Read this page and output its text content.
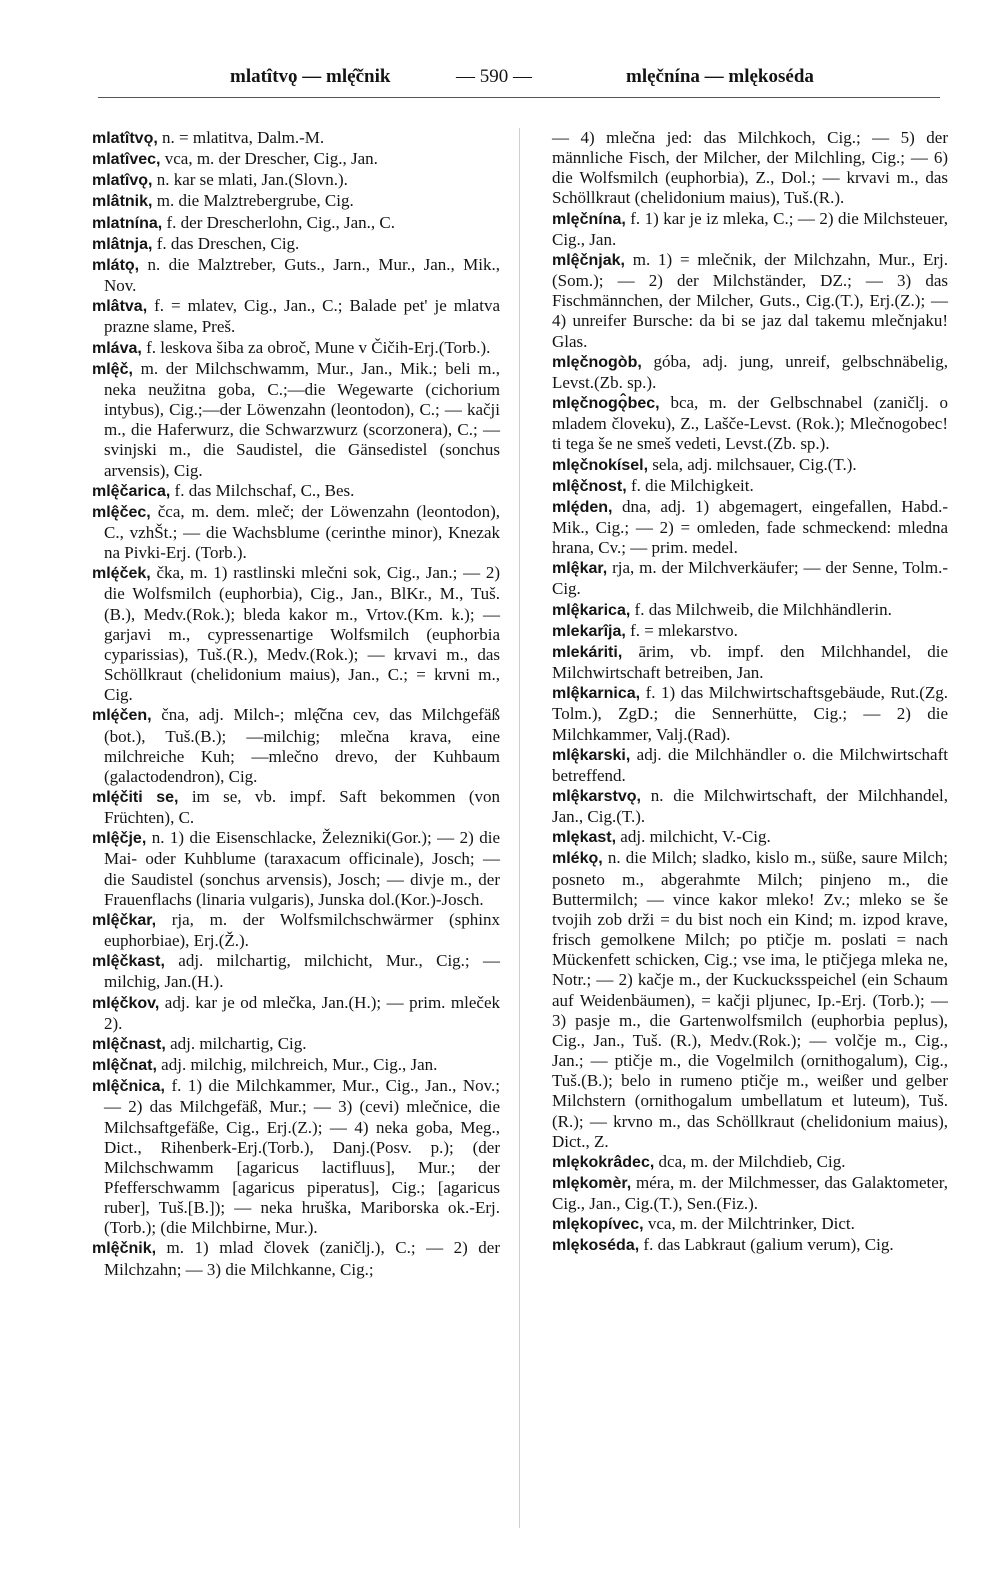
mlatîtvǫ — mlę̂čnik	— 590 —	mlęčnína — mlękoséda

mlatîtvǫ, n. = mlatitva, Dalm.-M.

mlatîvec, vca, m. der Drescher, Cig., Jan.

mlatîvǫ, n. kar se mlati, Jan.(Slovn.).

mlâtnik, m. die Malztrebergrube, Cig.

mlatnína, f. der Drescherlohn, Cig., Jan., C.

mlâtnja, f. das Dreschen, Cig.

mlátǫ, n. die Malztreber, Guts., Jarn., Mur., Jan., Mik., Nov.

mlâtva, f. = mlatev, Cig., Jan., C.; Balade pet' je mlatva prazne slame, Preš.

mláva, f. leskova šiba za obroč, Mune v Čičih-Erj.(Torb.).

mlę̂č, m. der Milchschwamm, Mur., Jan., Mik.; beli m., neka neužitna goba, C.;—die Wegewarte (cichorium intybus), Cig.;—der Löwenzahn (leontodon), C.; — kačji m., die Haferwurz, die Schwarzwurz (scorzonera), C.; — svinjski m., die Saudistel, die Gänsedistel (sonchus arvensis), Cig.

mlę̂čarica, f. das Milchschaf, C., Bes.

mlę̂čec, čca, m. dem. mleč; der Löwenzahn (leontodon), C., vzhŠt.; — die Wachsblume (cerinthe minor), Knezak na Pivki-Erj. (Torb.).

mlę́ček, čka, m. 1) rastlinski mlečni sok, Cig., Jan.; — 2) die Wolfsmilch (euphorbia), Cig., Jan., BlKr., M., Tuš.(B.), Medv.(Rok.); bleda kakor m., Vrtov.(Km. k.); — garjavi m., cypressenartige Wolfsmilch (euphorbia cyparissias), Tuš.(R.), Medv.(Rok.); — krvavi m., das Schöllkraut (chelidonium maius), Jan., C.; = krvni m., Cig.

mlę́čen, čna, adj. Milch-; mlę̂čna cev, das Milchgefäß (bot.), Tuš.(B.); —milchig; mlečna krava, eine milchreiche Kuh; —mlečno drevo, der Kuhbaum (galactodendron), Cig.

mlę́čiti se, im se, vb. impf. Saft bekommen (von Früchten), C.

mlę̂čje, n. 1) die Eisenschlacke, Železniki(Gor.); — 2) die Mai- oder Kuhblume (taraxacum officinale), Josch; — die Saudistel (sonchus arvensis), Josch; — divje m., der Frauenflachs (linaria vulgaris), Junska dol.(Kor.)-Josch.

mlę̂čkar, rja, m. der Wolfsmilchschwärmer (sphinx euphorbiae), Erj.(Ž.).

mlę̂čkast, adj. milchartig, milchicht, Mur., Cig.; — milchig, Jan.(H.).

mlę́čkov, adj. kar je od mlečka, Jan.(H.); — prim. mleček 2).

mlę̂čnast, adj. milchartig, Cig.

mlę̂čnat, adj. milchig, milchreich, Mur., Cig., Jan.

mlę̂čnica, f. 1) die Milchkammer, Mur., Cig., Jan., Nov.; — 2) das Milchgefäß, Mur.; — 3) (cevi) mlečnice, die Milchsaftgefäße, Cig., Erj.(Z.); — 4) neka goba, Meg., Dict., Rihenberk-Erj.(Torb.), Danj.(Posv. p.); (der Milchschwamm [agaricus lactifluus], Mur.; der Pfefferschwamm [agaricus piperatus], Cig.; [agaricus ruber], Tuš.[B.]); — neka hruška, Mariborska ok.-Erj.(Torb.); (die Milchbirne, Mur.).

mlę̂čnik, m. 1) mlad človek (zaničlj.), C.; — 2) der Milchzahn; — 3) die Milchkanne, Cig.;

— 4) mlečna jed: das Milchkoch, Cig.; — 5) der männliche Fisch, der Milcher, der Milchling, Cig.; — 6) die Wolfsmilch (euphorbia), Z., Dol.; — krvavi m., das Schöllkraut (chelidonium maius), Tuš.(R.).

mlęčnína, f. 1) kar je iz mleka, C.; — 2) die Milchsteuer, Cig., Jan.

mlę̂čnjak, m. 1) = mlečnik, der Milchzahn, Mur., Erj.(Som.); — 2) der Milchständer, DZ.; — 3) das Fischmännchen, der Milcher, Guts., Cig.(T.), Erj.(Z.); — 4) unreifer Bursche: da bi se jaz dal takemu mlečnjaku! Glas.

mlęčnogòb, góba, adj. jung, unreif, gelbschnäbelig, Levst.(Zb. sp.).

mlęčnogǫ̂bec, bca, m. der Gelbschnabel (zaničlj. o mladem človeku), Z., Lašče-Levst. (Rok.); Mlečnogobec! ti tega še ne smeš vedeti, Levst.(Zb. sp.).

mlęčnokísel, sela, adj. milchsauer, Cig.(T.).

mlę̂čnost, f. die Milchigkeit.

mlę́den, dna, adj. 1) abgemagert, eingefallen, Habd.-Mik., Cig.; — 2) = omleden, fade schmeckend: mledna hrana, Cv.; — prim. medel.

mlę̂kar, rja, m. der Milchverkäufer; — der Senne, Tolm.-Cig.

mlę̂karica, f. das Milchweib, die Milchhändlerin.

mlekarîja, f. = mlekarstvo.

mlekáriti, ārim, vb. impf. den Milchhandel, die Milchwirtschaft betreiben, Jan.

mlę̂karnica, f. 1) das Milchwirtschaftsgebäude, Rut.(Zg. Tolm.), ZgD.; die Sennerhütte, Cig.; — 2) die Milchkammer, Valj.(Rad).

mlę̂karski, adj. die Milchhändler o. die Milchwirtschaft betreffend.

mlę̂karstvǫ, n. die Milchwirtschaft, der Milchhandel, Jan., Cig.(T.).

mlękast, adj. milchicht, V.-Cig.

mlékǫ, n. die Milch; sladko, kislo m., süße, saure Milch; posneto m., abgerahmte Milch; pinjeno m., die Buttermilch; — vince kakor mleko! Zv.; mleko se še tvojih zob drži = du bist noch ein Kind; m. izpod krave, frisch gemolkene Milch; po ptičje m. poslati = nach Mückenfett schicken, Cig.; vse ima, le ptičjega mleka ne, Notr.; — 2) kačje m., der Kuckucksspeichel (ein Schaum auf Weidenbäumen), = kačji pljunec, Ip.-Erj. (Torb.); — 3) pasje m., die Gartenwolfsmilch (euphorbia peplus), Cig., Jan., Tuš. (R.), Medv.(Rok.); — volčje m., Cig., Jan.; — ptičje m., die Vogelmilch (ornithogalum), Cig., Tuš.(B.); belo in rumeno ptičje m., weißer und gelber Milchstern (ornithogalum umbellatum et luteum), Tuš.(R.); — krvno m., das Schöllkraut (chelidonium maius), Dict., Z.

mlękokrâdec, dca, m. der Milchdieb, Cig.

mlękomèr, méra, m. der Milchmesser, das Galaktometer, Cig., Jan., Cig.(T.), Sen.(Fiz.).

mlękopívec, vca, m. der Milchtrinker, Dict.

mlękoséda, f. das Labkraut (galium verum), Cig.
